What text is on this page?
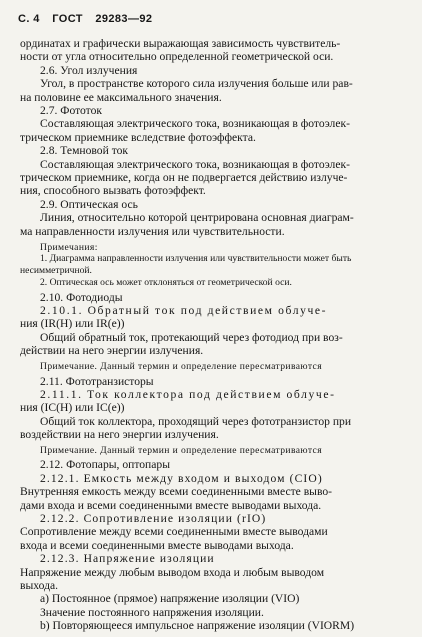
С. 4 ГОСТ 29283—92
ординатах и графически выражающая зависимость чувствитель-
ности от угла относительно определенной геометрической оси.
2.6. Угол излучения
Угол, в пространстве которого сила излучения больше или рав-
на половине ее максимального значения.
2.7. Фототок
Составляющая электрического тока, возникающая в фотоэлек-
трическом приемнике вследствие фотоэффекта.
2.8. Темновой ток
Составляющая электрического тока, возникающая в фотоэлек-
трическом приемнике, когда он не подвергается действию излуче-
ния, способного вызвать фотоэффект.
2.9. Оптическая ось
Линия, относительно которой центрирована основная диаграм-
ма направленности излучения или чувствительности.
Примечания:
1. Диаграмма направленности излучения или чувствительности может быть
несимметричной.
2. Оптическая ось может отклоняться от геометрической оси.
2.10. Фотодиоды
2.10.1. Обратный ток под действием облуче-
ния (IR(H) или IR(e))
Общий обратный ток, протекающий через фотодиод при воз-
действии на него энергии излучения.
Примечание. Данный термин и определение пересматриваются
2.11. Фототранзисторы
2.11.1. Ток коллектора под действием облуче-
ния (IC(H) или IC(e))
Общий ток коллектора, проходящий через фототранзистор при
воздействии на него энергии излучения.
Примечание. Данный термин и определение пересматриваются
2.12. Фотопары, оптопары
2.12.1. Емкость между входом и выходом (CIO)
Внутренняя емкость между всеми соединенными вместе выво-
дами входа и всеми соединенными вместе выводами выхода.
2.12.2. Сопротивление изоляции (rIO)
Сопротивление между всеми соединенными вместе выводами
входа и всеми соединенными вместе выводами выхода.
2.12.3. Напряжение изоляции
Напряжение между любым выводом входа и любым выводом
выхода.
a) Постоянное (прямое) напряжение изоляции (VIO)
Значение постоянного напряжения изоляции.
b) Повторяющееся импульсное напряжение изоляции (VIORM)
